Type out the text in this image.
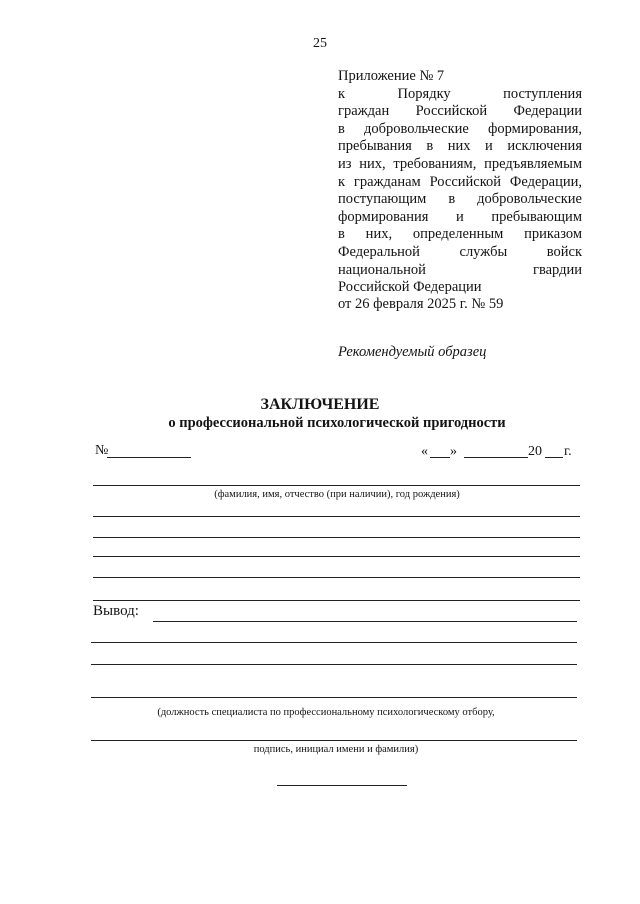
25
Приложение № 7
к Порядку поступления
граждан Российской Федерации
в добровольческие формирования,
пребывания в них и исключения
из них, требованиям, предъявляемым
к гражданам Российской Федерации,
поступающим в добровольческие
формирования и пребывающим
в них, определенным приказом
Федеральной службы войск
национальной гвардии
Российской Федерации
от 26 февраля 2025 г. № 59
Рекомендуемый образец
ЗАКЛЮЧЕНИЕ
о профессиональной психологической пригодности
№	« »	20 г.
(фамилия, имя, отчество (при наличии), год рождения)
Вывод:
(должность специалиста по профессиональному психологическому отбору,
подпись, инициал имени и фамилия)
